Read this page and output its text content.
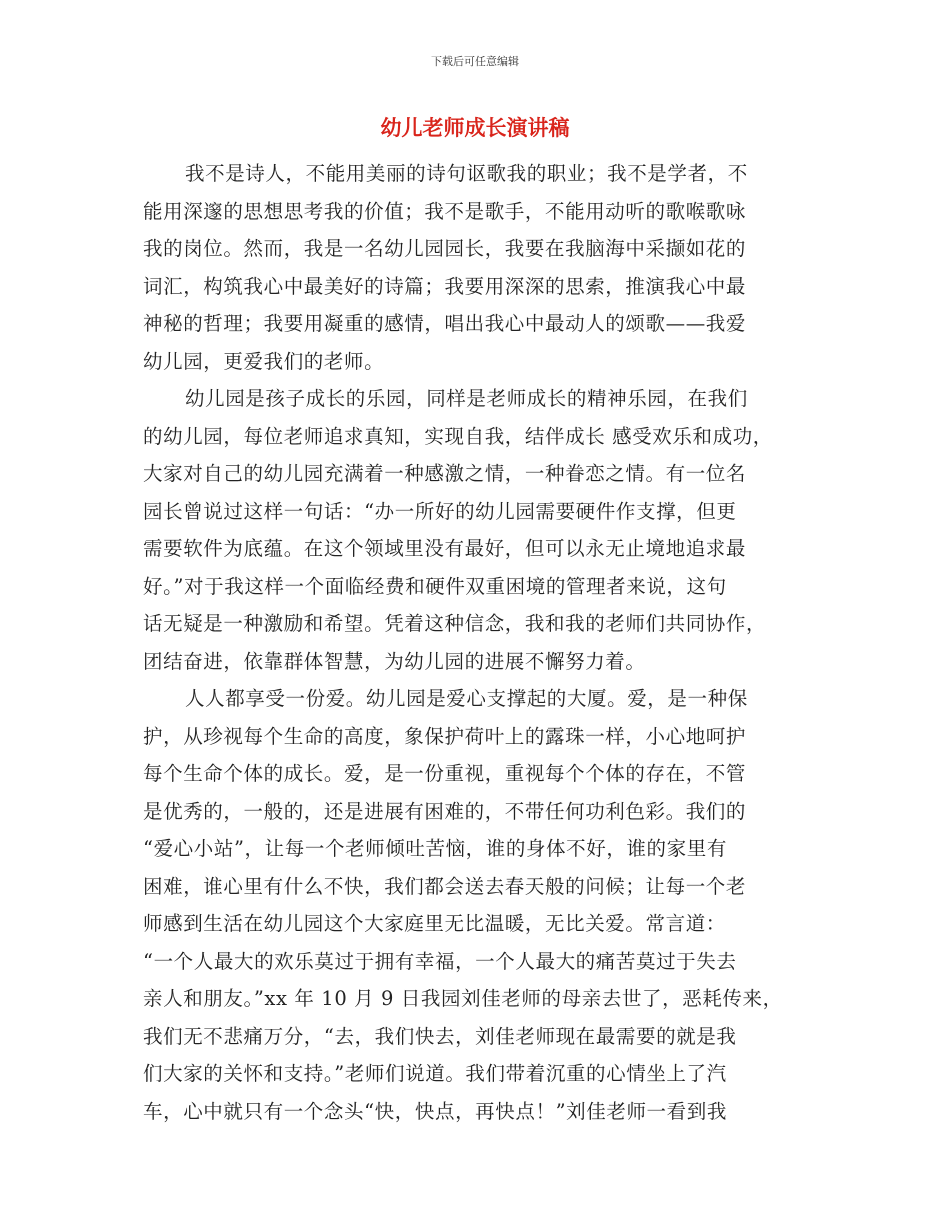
下载后可任意编辑
幼儿老师成长演讲稿
我不是诗人，不能用美丽的诗句讴歌我的职业；我不是学者，不
能用深邃的思想思考我的价值；我不是歌手，不能用动听的歌喉歌咏
我的岗位。然而，我是一名幼儿园园长，我要在我脑海中采撷如花的
词汇，构筑我心中最美好的诗篇；我要用深深的思索，推演我心中最
神秘的哲理；我要用凝重的感情，唱出我心中最动人的颂歌——我爱
幼儿园，更爱我们的老师。
幼儿园是孩子成长的乐园，同样是老师成长的精神乐园，在我们
的幼儿园，每位老师追求真知，实现自我，结伴成长 感受欢乐和成功，
大家对自己的幼儿园充满着一种感激之情，一种眷恋之情。有一位名
园长曾说过这样一句话：“办一所好的幼儿园需要硬件作支撑，但更
需要软件为底蕴。在这个领域里没有最好，但可以永无止境地追求最
好。”对于我这样一个面临经费和硬件双重困境的管理者来说，这句
话无疑是一种激励和希望。凭着这种信念，我和我的老师们共同协作，
团结奋进，依靠群体智慧，为幼儿园的进展不懈努力着。
人人都享受一份爱。幼儿园是爱心支撑起的大厦。爱，是一种保
护，从珍视每个生命的高度，象保护荷叶上的露珠一样，小心地呵护
每个生命个体的成长。爱，是一份重视，重视每个个体的存在，不管
是优秀的，一般的，还是进展有困难的，不带任何功利色彩。我们的
“爱心小站”，让每一个老师倾吐苦恼，谁的身体不好，谁的家里有
困难，谁心里有什么不快，我们都会送去春天般的问候；让每一个老
师感到生活在幼儿园这个大家庭里无比温暖，无比关爱。常言道：
“一个人最大的欢乐莫过于拥有幸福，一个人最大的痛苦莫过于失去
亲人和朋友。”xx 年 10 月 9 日我园刘佳老师的母亲去世了，恶耗传来，
我们无不悲痛万分，“去，我们快去，刘佳老师现在最需要的就是我
们大家的关怀和支持。”老师们说道。我们带着沉重的心情坐上了汽
车，心中就只有一个念头“快，快点，再快点！”刘佳老师一看到我
